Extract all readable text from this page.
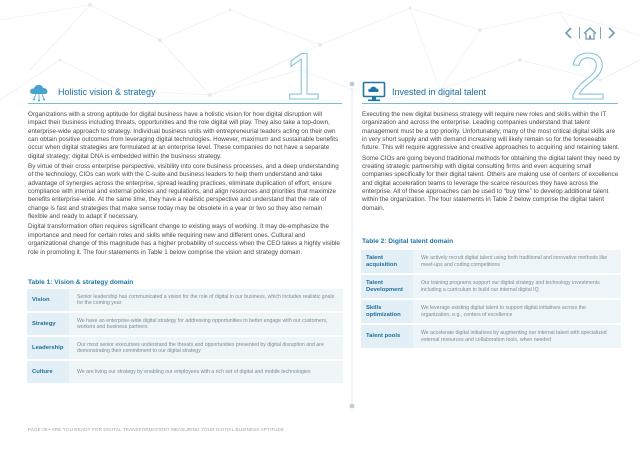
1
Holistic vision & strategy

Organizations with a strong aptitude for digital business have a holistic vision for how digital disruption will impact their business including threats, opportunities and the role digital will play. They also take a top-down, enterprise-wide approach to strategy. Individual business units with entrepreneurial leaders acting on their own can obtain positive outcomes from leveraging digital technologies. However, maximum and sustainable benefits occur when digital strategies are formulated at an enterprise level. These companies do not have a separate digital strategy; digital DNA is embedded within the business strategy.

By virtue of their cross enterprise perspective, visibility into core business processes, and a deep understanding of the technology, CIOs can work with the C-suite and business leaders to help them understand and take advantage of synergies across the enterprise, spread leading practices, eliminate duplication of effort, ensure compliance with internal and external policies and regulations, and align resources and priorities that maximize benefits enterprise-wide. At the same time, they have a realistic perspective and understand that the rate of change is fast and strategies that make sense today may be obsolete in a year or two so they also remain flexible and ready to adapt if necessary.

Digital transformation often requires significant change to existing ways of working. It may de-emphasize the importance and need for certain roles and skills while requiring new and different ones. Cultural and organizational change of this magnitude has a higher probability of success when the CEO takes a highly visible role in promoting it. The four statements in Table 1 below comprise the vision and strategy domain.

Table 1: Vision & strategy domain
Vision	Senior leadership has communicated a vision for the role of digital in our business, which includes realistic goals for the coming year
Strategy	We have an enterprise-wide digital strategy for addressing opportunities to better engage with our customers, workers and business partners
Leadership	Our most senior executives understand the threats and opportunities presented by digital disruption and are demonstrating their commitment to our digital strategy
Culture	We are living our strategy by enabling our employees with a rich set of digital and mobile technologies
2
Invested in digital talent

Executing the new digital business strategy will require new roles and skills within the IT organization and across the enterprise. Leading companies understand that talent management must be a top priority. Unfortunately, many of the most critical digital skills are in very short supply and with demand increasing will likely remain so for the foreseeable future. This will require aggressive and creative approaches to acquiring and retaining talent.

Some CIOs are going beyond traditional methods for obtaining the digital talent they need by creating strategic partnership with digital consulting firms and even acquiring small companies specifically for their digital talent. Others are making use of centers of excellence and digital acceleration teams to leverage the scarce resources they have across the enterprise. All of these approaches can be used to “buy time” to develop additional talent within the organization. The four statements in Table 2 below comprise the digital talent domain.

Table 2: Digital talent domain
Talent acquisition	We actively recruit digital talent using both traditional and innovative methods like meet-ups and coding competitions
Talent Development	Our training programs support our digital strategy and technology investments including a curriculum to build our internal digital IQ
Skills optimization	We leverage existing digital talent to support digital initiatives across the organization, e.g., centers of excellence
Talent pools	We accelerate digital initiatives by augmenting our internal talent with specialized external resources and collaboration tools, when needed
PAGE 08 • ARE YOU READY FOR DIGITAL TRANSFORMATION? MEASURING YOUR DIGITAL BUSINESS APTITUDE
